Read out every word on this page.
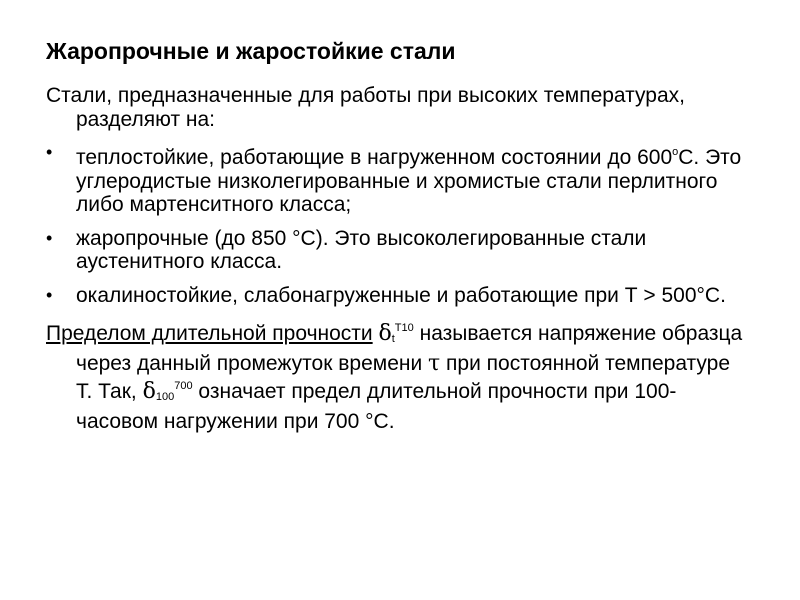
Жаропрочные и жаростойкие стали
Стали, предназначенные для работы при высоких температурах, разделяют на:
• теплостойкие, работающие в нагруженном состоянии до $600^оС$. Это углеродистые низколегированные и хромистые стали перлитного либо мартенситного класса;
• жаропрочные (до 850 °С). Это высоколегированные стали аустенитного класса.
• окалиностойкие, слабонагруженные и работающие при Т > 500°С.
Пределом длительной прочности $\delta t^{T10}$ называется напряжение образца через данный промежуток времени τ при постоянной температуре Т. Так, $\delta 100^{700}$ означает предел длительной прочности при 100-часовом нагружении при 700 °С.
